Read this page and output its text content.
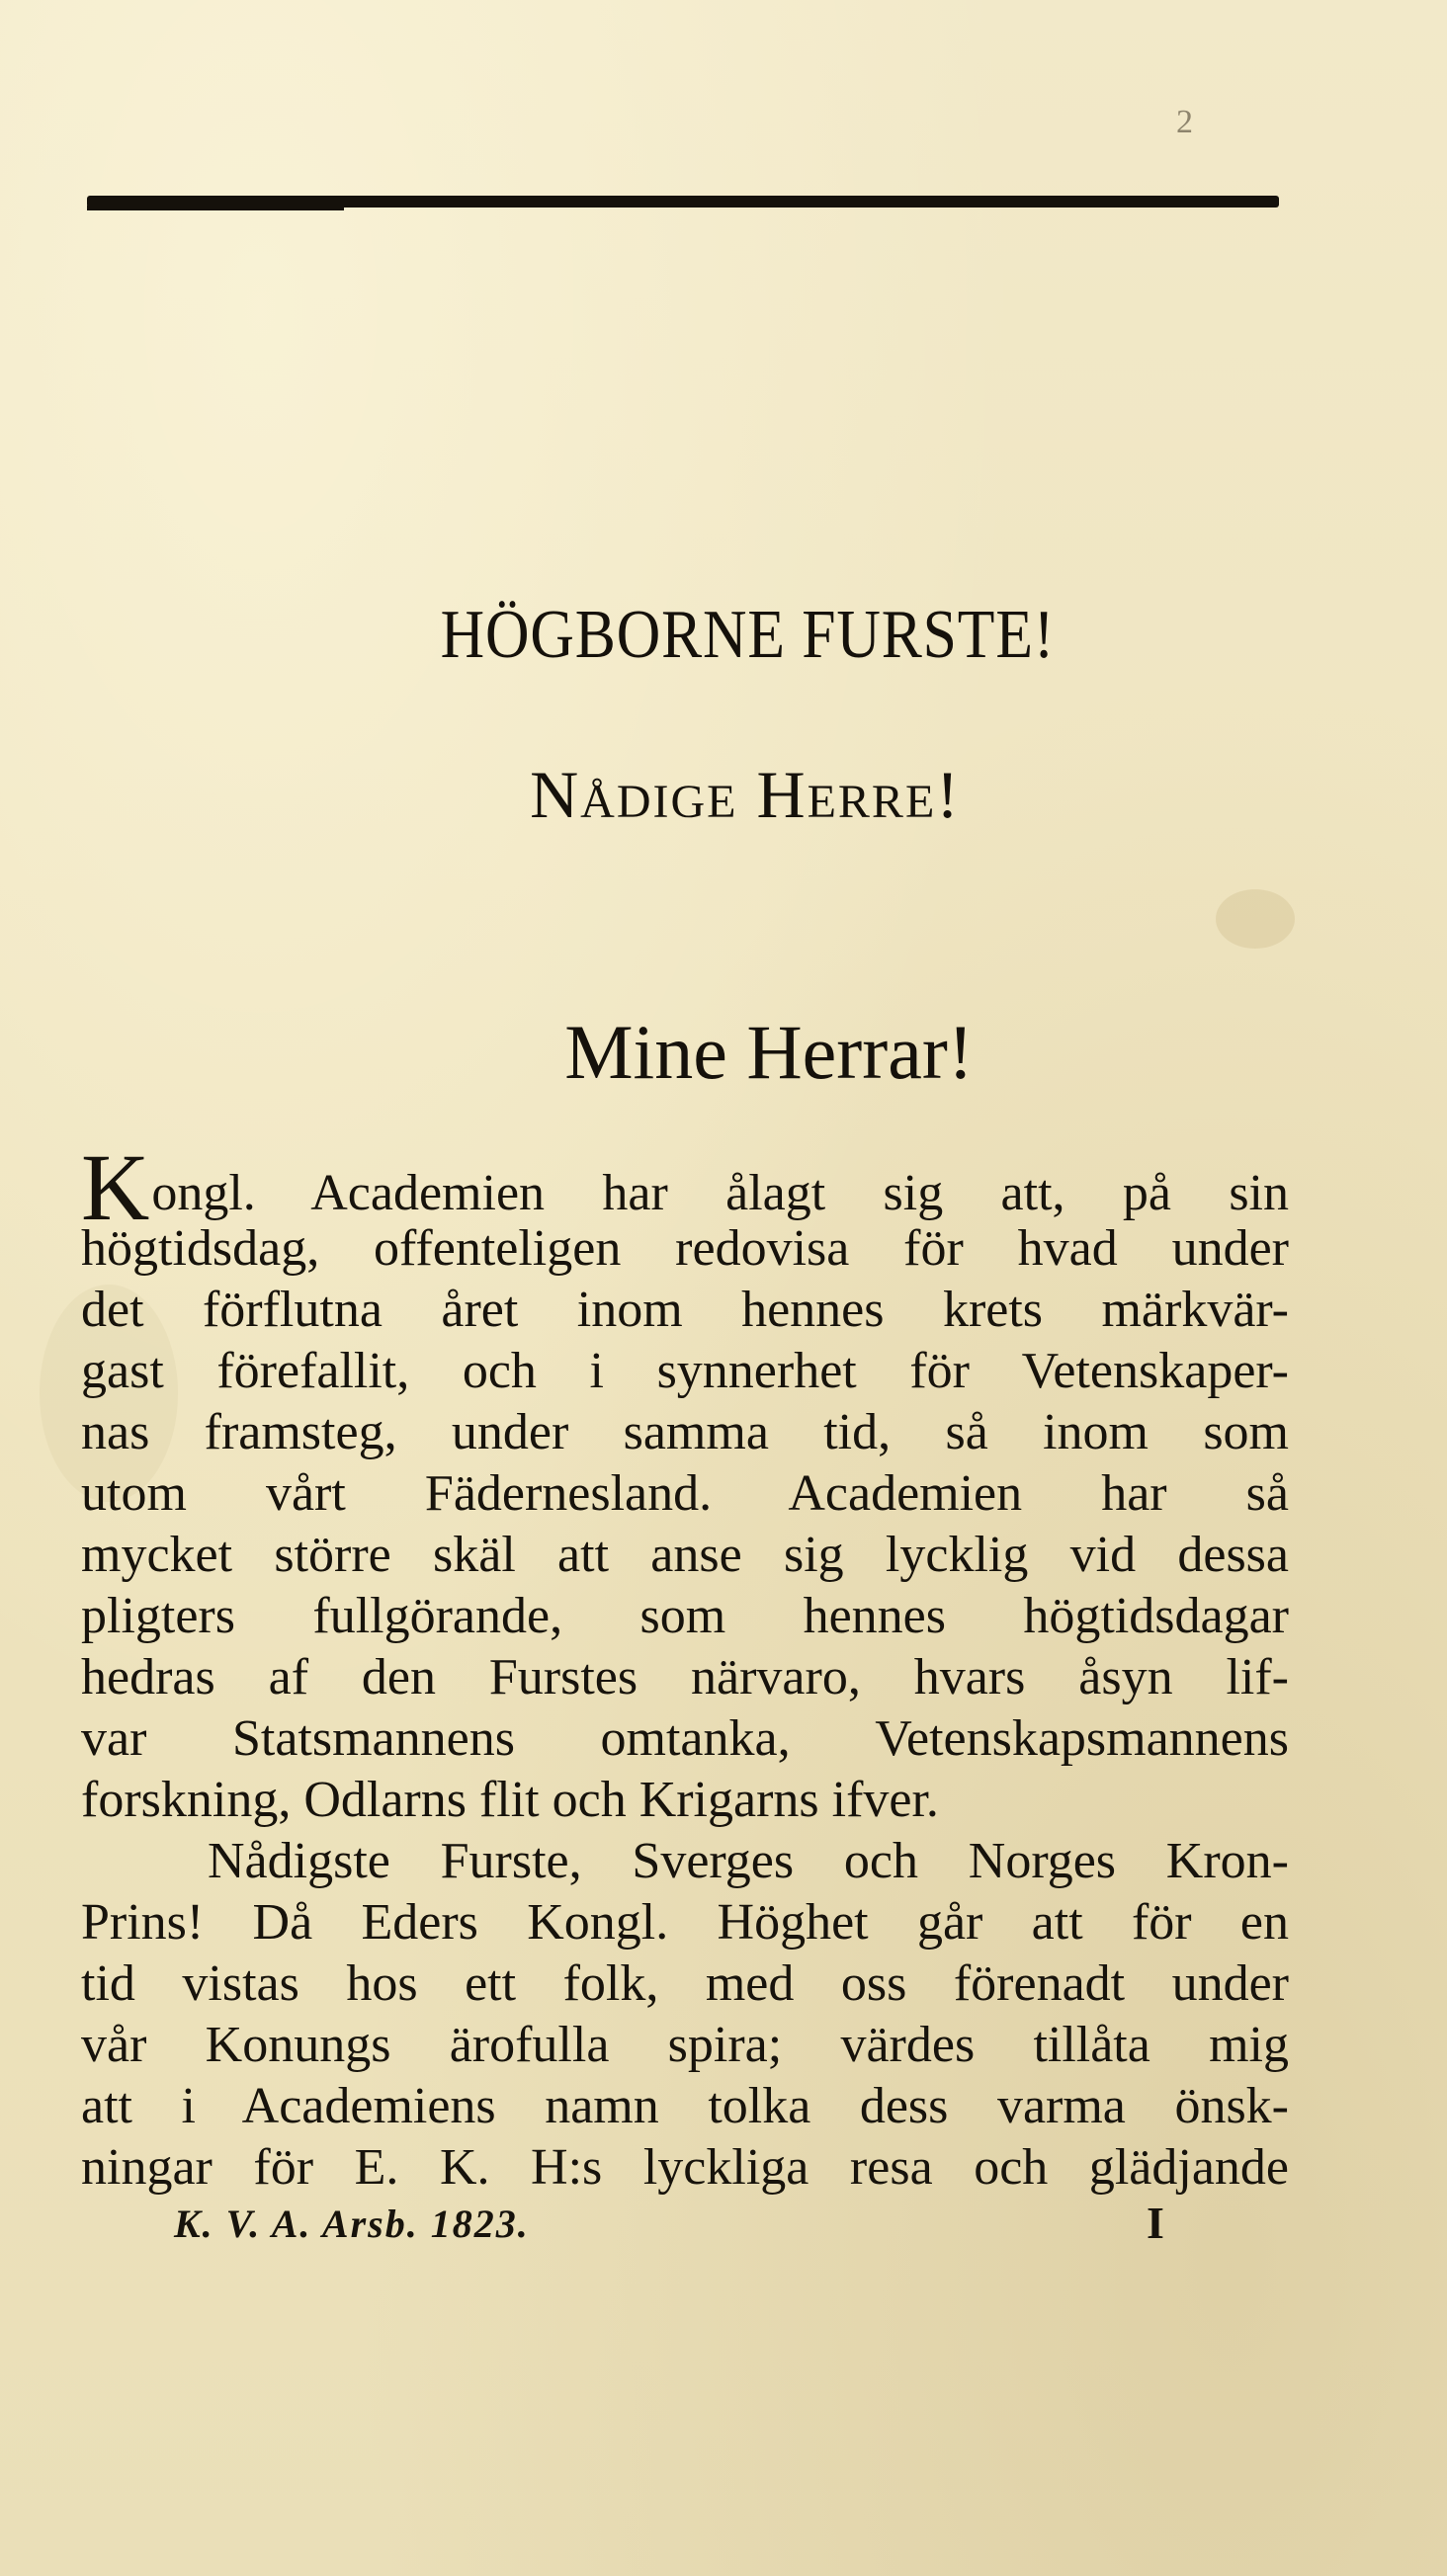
2
HÖGBORNE FURSTE!
Nådige Herre!
Mine Herrar!

Kongl. Academien har ålagt sig att, på sin

högtidsdag, offenteligen redovisa för hvad under

det förflutna året inom hennes krets märkvär-

gast förefallit, och i synnerhet för Vetenskaper-

nas framsteg, under samma tid, så inom som

utom vårt Fädernesland. Academien har så

mycket större skäl att anse sig lycklig vid dessa

pligters fullgörande, som hennes högtidsdagar

hedras af den Furstes närvaro, hvars åsyn lif-

var Statsmannens omtanka, Vetenskapsmannens

forskning, Odlarns flit och Krigarns ifver.

Nådigste Furste, Sverges och Norges Kron-

Prins! Då Eders Kongl. Höghet går att för en

tid vistas hos ett folk, med oss förenadt under

vår Konungs ärofulla spira; värdes tillåta mig

att i Academiens namn tolka dess varma önsk-

ningar för E. K. H:s lyckliga resa och glädjande

K. V. A. Arsb. 1823.	I
